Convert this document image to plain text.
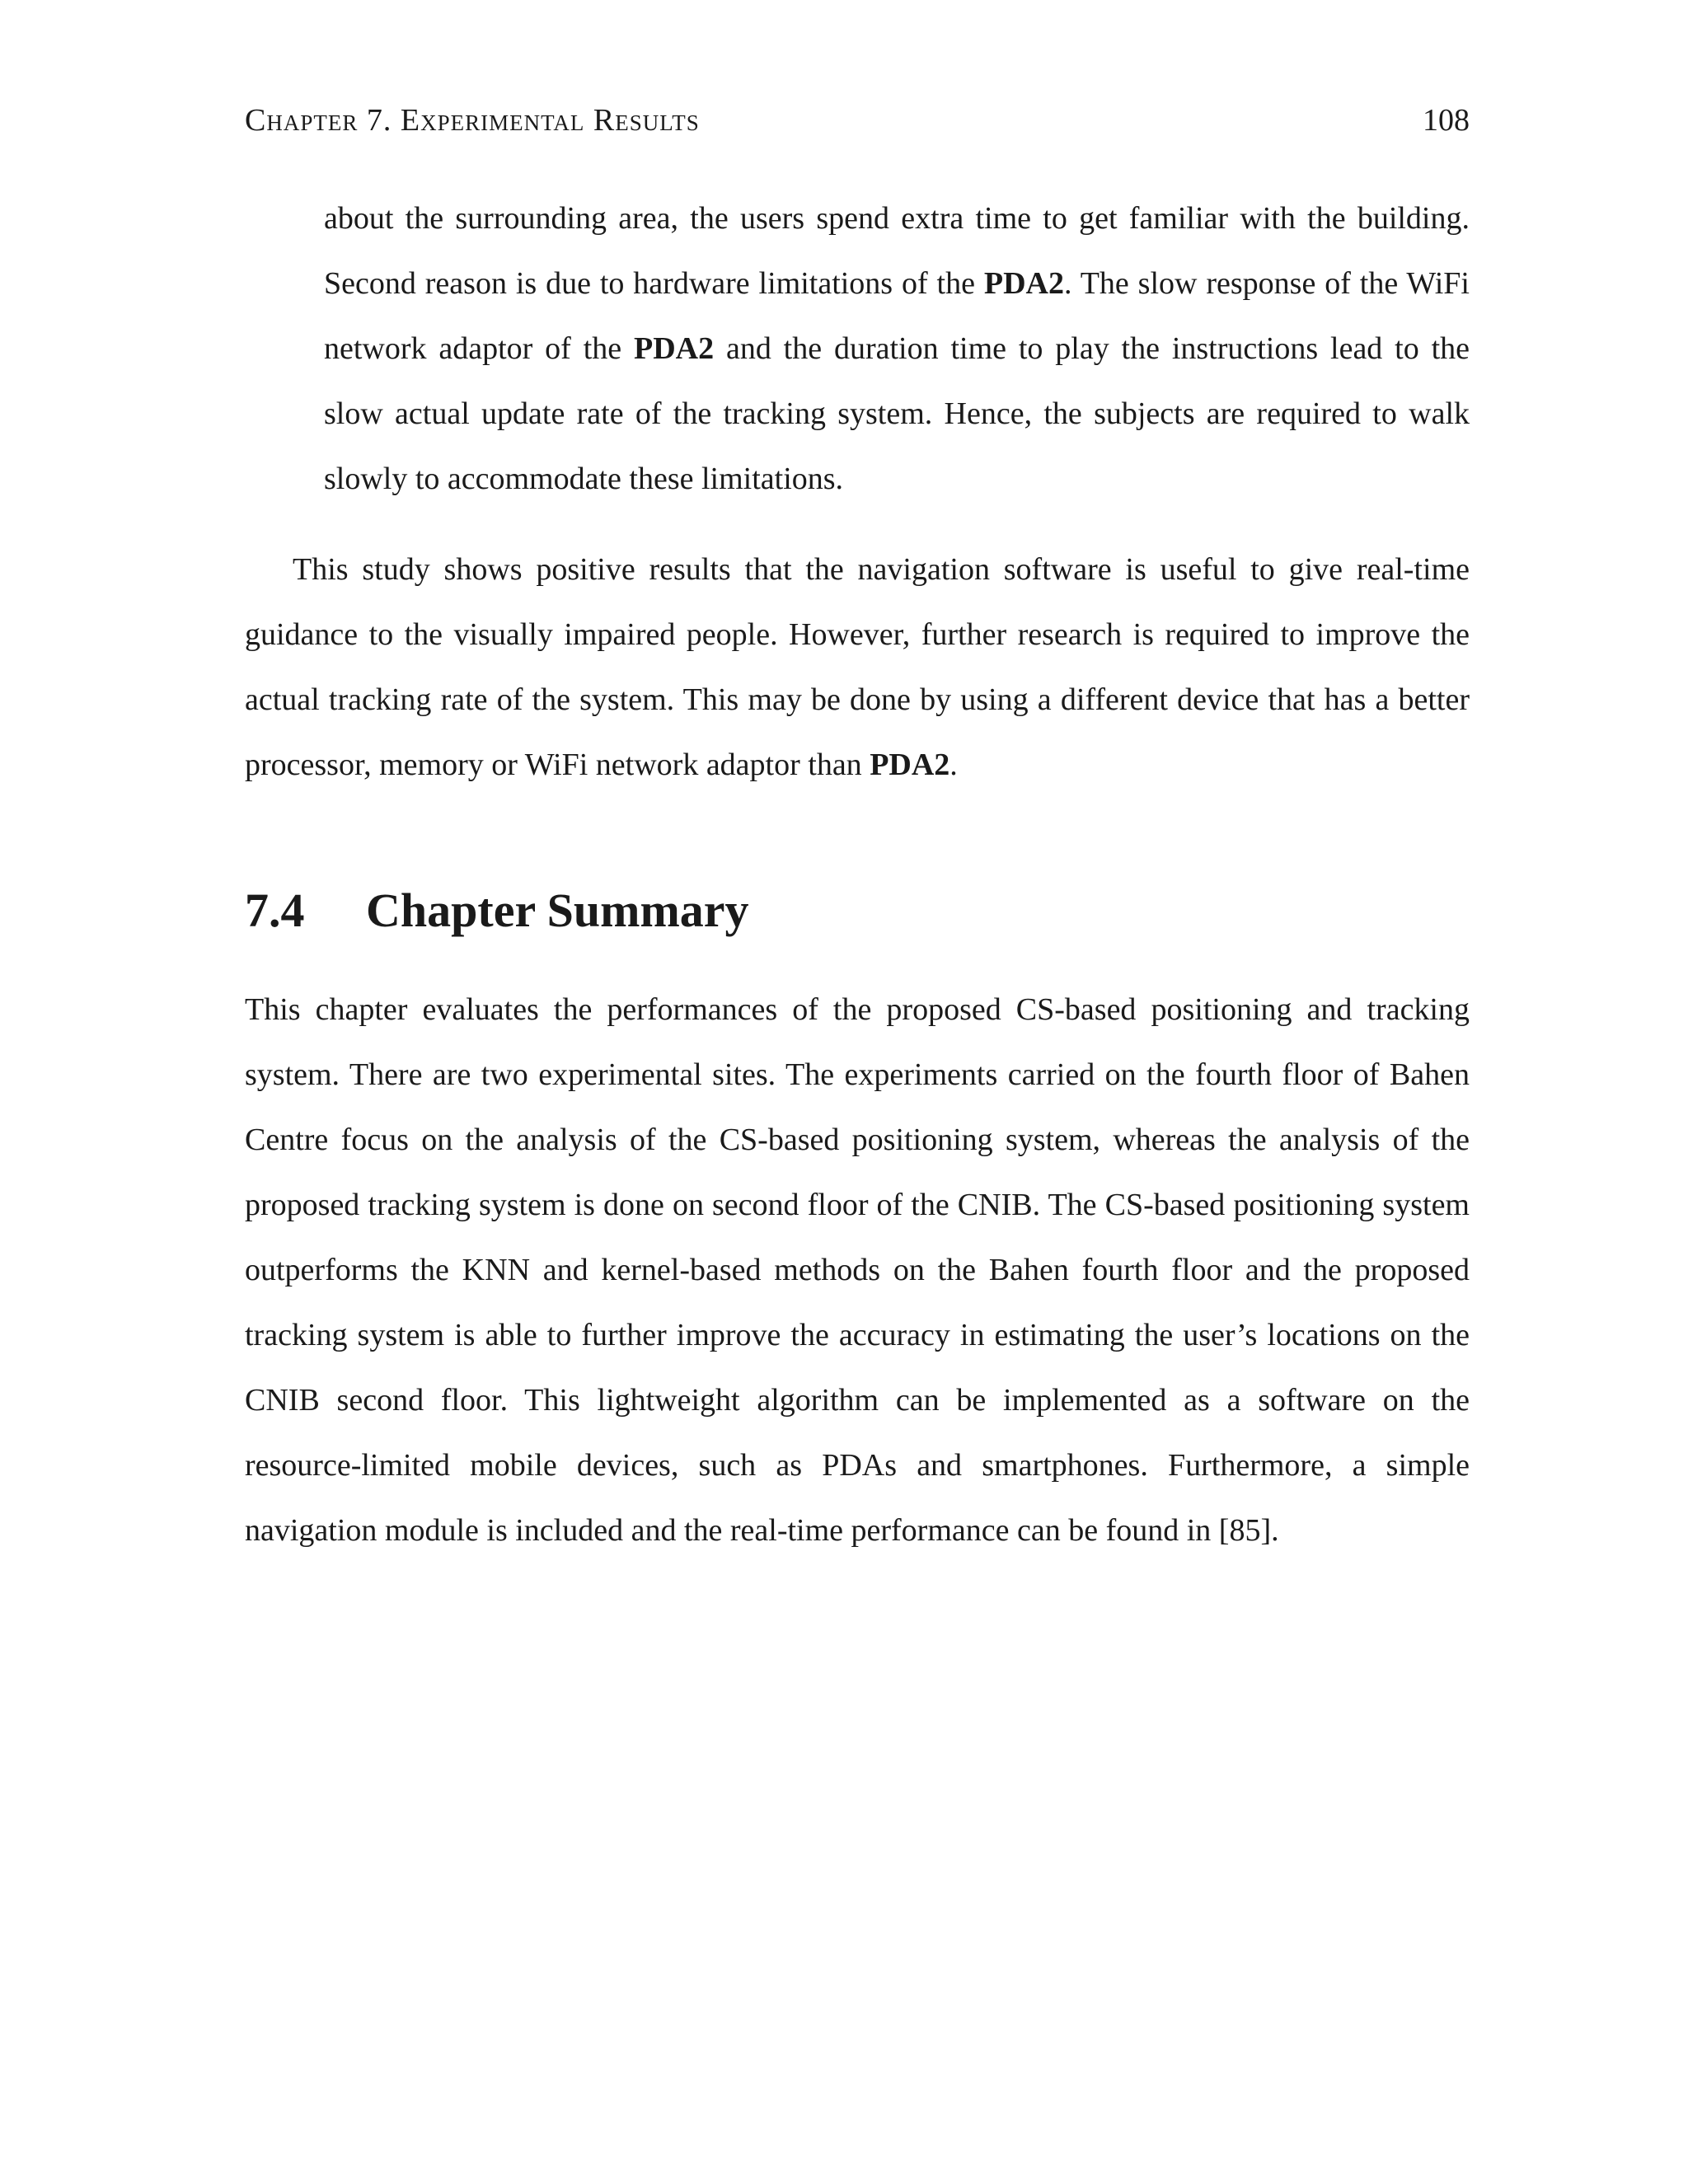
Chapter 7. Experimental Results	108

about the surrounding area, the users spend extra time to get familiar with the building. Second reason is due to hardware limitations of the PDA2. The slow response of the WiFi network adaptor of the PDA2 and the duration time to play the instructions lead to the slow actual update rate of the tracking system. Hence, the subjects are required to walk slowly to accommodate these limitations.

This study shows positive results that the navigation software is useful to give real-time guidance to the visually impaired people. However, further research is required to improve the actual tracking rate of the system. This may be done by using a different device that has a better processor, memory or WiFi network adaptor than PDA2.

7.4 Chapter Summary

This chapter evaluates the performances of the proposed CS-based positioning and tracking system. There are two experimental sites. The experiments carried on the fourth floor of Bahen Centre focus on the analysis of the CS-based positioning system, whereas the analysis of the proposed tracking system is done on second floor of the CNIB. The CS-based positioning system outperforms the KNN and kernel-based methods on the Bahen fourth floor and the proposed tracking system is able to further improve the accuracy in estimating the user’s locations on the CNIB second floor. This lightweight algorithm can be implemented as a software on the resource-limited mobile devices, such as PDAs and smartphones. Furthermore, a simple navigation module is included and the real-time performance can be found in [85].
